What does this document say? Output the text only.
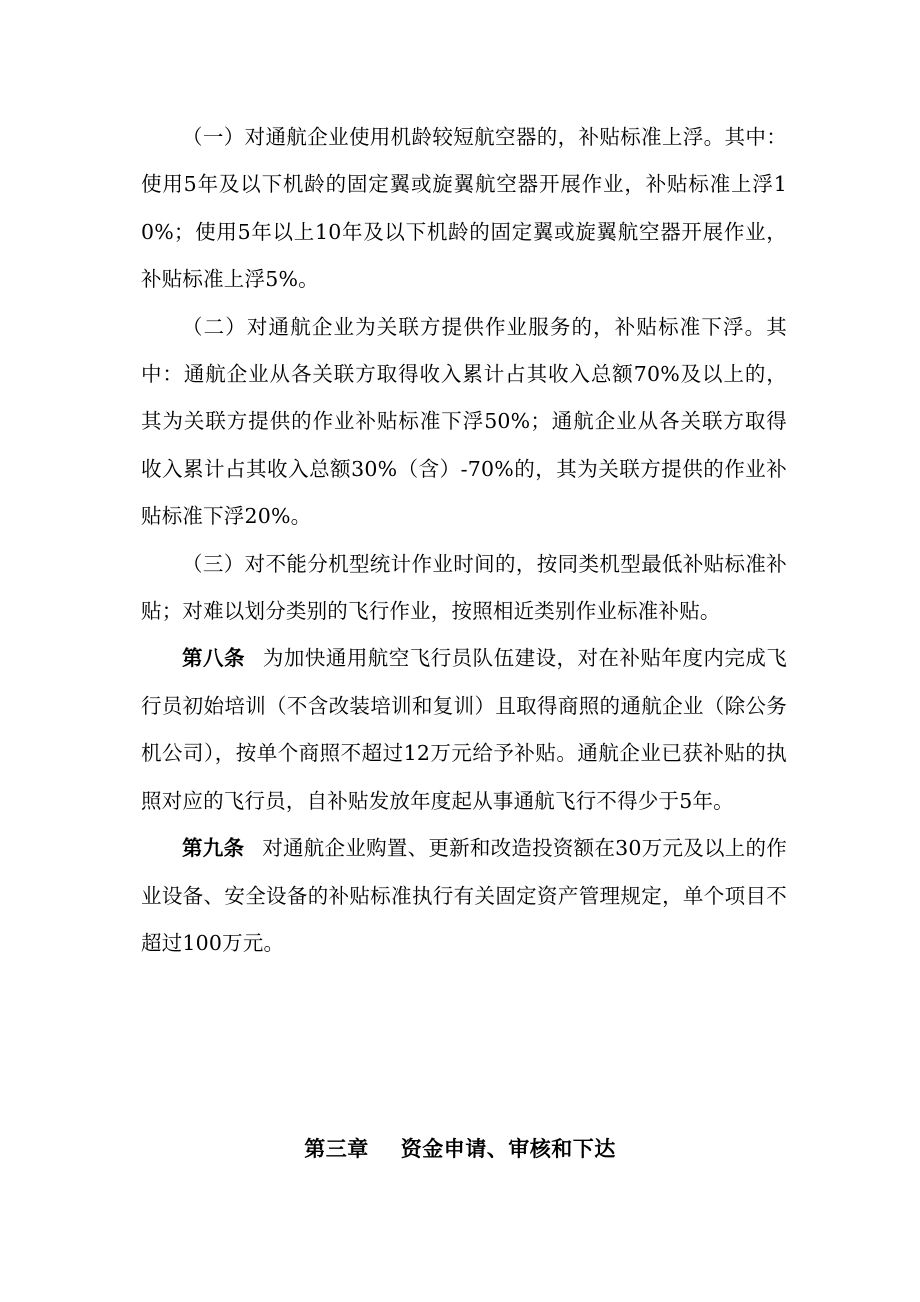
（一）对通航企业使用机龄较短航空器的，补贴标准上浮。其中：使用5年及以下机龄的固定翼或旋翼航空器开展作业，补贴标准上浮10%；使用5年以上10年及以下机龄的固定翼或旋翼航空器开展作业，补贴标准上浮5%。

（二）对通航企业为关联方提供作业服务的，补贴标准下浮。其中：通航企业从各关联方取得收入累计占其收入总额70%及以上的，其为关联方提供的作业补贴标准下浮50%；通航企业从各关联方取得收入累计占其收入总额30%（含）-70%的，其为关联方提供的作业补贴标准下浮20%。

（三）对不能分机型统计作业时间的，按同类机型最低补贴标准补贴；对难以划分类别的飞行作业，按照相近类别作业标准补贴。

第八条 为加快通用航空飞行员队伍建设，对在补贴年度内完成飞行员初始培训（不含改装培训和复训）且取得商照的通航企业（除公务机公司），按单个商照不超过12万元给予补贴。通航企业已获补贴的执照对应的飞行员，自补贴发放年度起从事通航飞行不得少于5年。

第九条 对通航企业购置、更新和改造投资额在30万元及以上的作业设备、安全设备的补贴标准执行有关固定资产管理规定，单个项目不超过100万元。

第三章 资金申请、审核和下达
